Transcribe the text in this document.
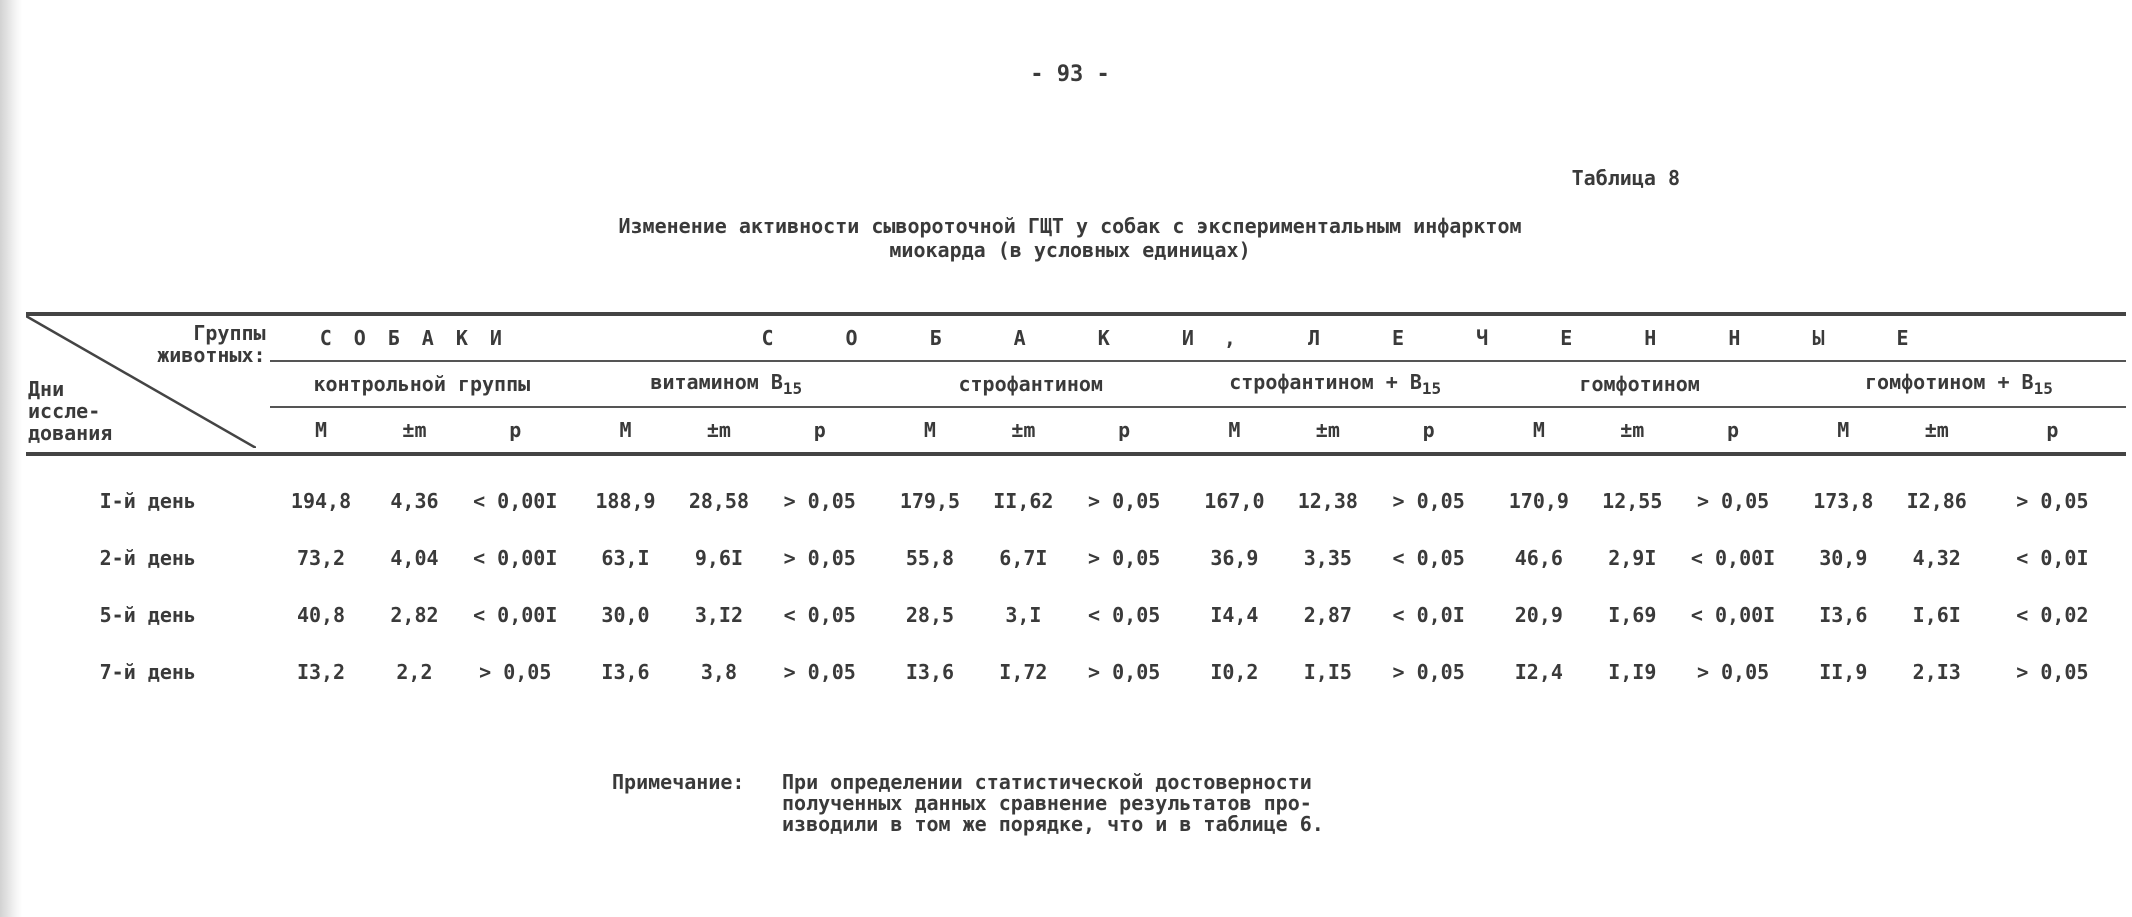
- 93 -
Таблица 8
Изменение активности сывороточной ГЩТ у собак с экспериментальным инфарктом
миокарда (в условных единицах)
Группы
животных:
Дни
иссле-
дования	СОБАКИ			С О Б А К И, Л Е Ч Е Н Н Ы Е														
	контрольной группы			витамином $B_{15}$			строфантином			строфантином + $B_{15}$			гомфотином			гомфотином + $B_{15}$
	М	±m	p	М	±m	p	М	±m	p	М	±m	p	М	±m	p	М	±m	p
I-й день	194,8	4,36	< 0,00I	188,9	28,58	> 0,05	179,5	II,62	> 0,05	167,0	12,38	> 0,05	170,9	12,55	> 0,05	173,8	I2,86	> 0,05
2-й день	73,2	4,04	< 0,00I	63,I	9,6I	> 0,05	55,8	6,7I	> 0,05	36,9	3,35	< 0,05	46,6	2,9I	< 0,00I	30,9	4,32	< 0,0I
5-й день	40,8	2,82	< 0,00I	30,0	3,I2	< 0,05	28,5	3,I	< 0,05	I4,4	2,87	< 0,0I	20,9	I,69	< 0,00I	I3,6	I,6I	< 0,02
7-й день	I3,2	2,2	> 0,05	I3,6	3,8	> 0,05	I3,6	I,72	> 0,05	I0,2	I,I5	> 0,05	I2,4	I,I9	> 0,05	II,9	2,I3	> 0,05
Примечание: При определении статистической достоверности
полученных данных сравнение результатов про-
изводили в том же порядке, что и в таблице 6.
